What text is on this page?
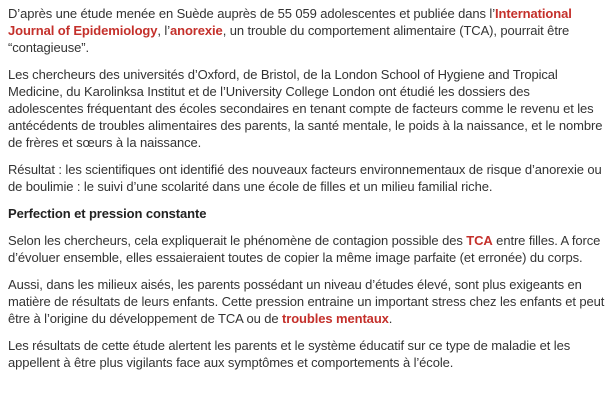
D’après une étude menée en Suède auprès de 55 059 adolescentes et publiée dans l’International Journal of Epidemiology, l’anorexie, un trouble du comportement alimentaire (TCA), pourrait être “contagieuse”.

Les chercheurs des universités d’Oxford, de Bristol, de la London School of Hygiene and Tropical Medicine, du Karolinksa Institut et de l’University College London ont étudié les dossiers des adolescentes fréquentant des écoles secondaires en tenant compte de facteurs comme le revenu et les antécédents de troubles alimentaires des parents, la santé mentale, le poids à la naissance, et le nombre de frères et sœurs à la naissance.

Résultat : les scientifiques ont identifié des nouveaux facteurs environnementaux de risque d’anorexie ou de boulimie : le suivi d’une scolarité dans une école de filles et un milieu familial riche.

Perfection et pression constante

Selon les chercheurs, cela expliquerait le phénomène de contagion possible des TCA entre filles. A force d’évoluer ensemble, elles essaieraient toutes de copier la même image parfaite (et erronée) du corps.

Aussi, dans les milieux aisés, les parents possédant un niveau d’études élevé, sont plus exigeants en matière de résultats de leurs enfants. Cette pression entraine un important stress chez les enfants et peut être à l’origine du développement de TCA ou de troubles mentaux.

Les résultats de cette étude alertent les parents et le système éducatif sur ce type de maladie et les appellent à être plus vigilants face aux symptômes et comportements à l’école.
